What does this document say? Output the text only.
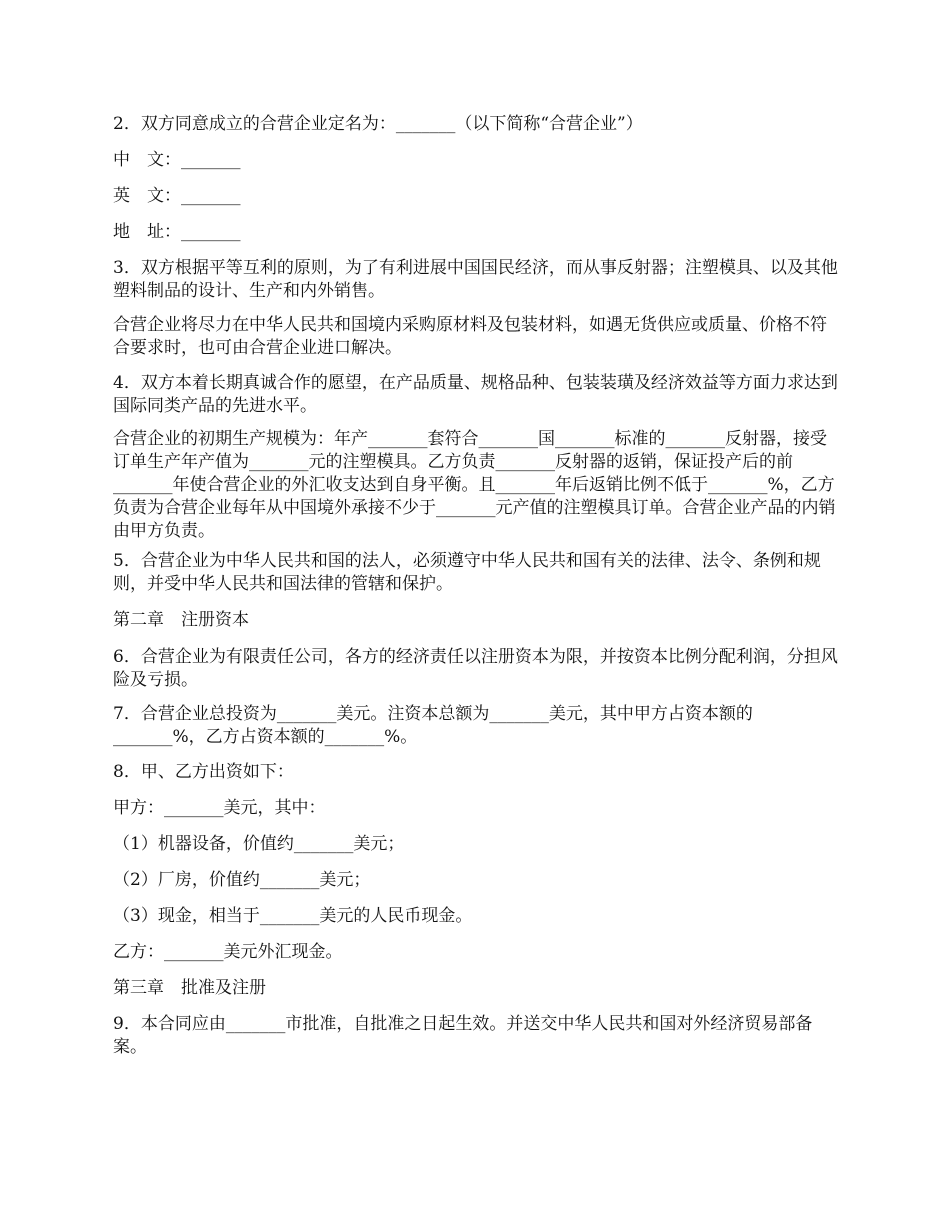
2．双方同意成立的合营企业定名为：_______（以下简称“合营企业”）

中　文：_______

英　文：_______

地　址：_______

3．双方根据平等互利的原则，为了有利进展中国国民经济，而从事反射器；注塑模具、以及其他塑料制品的设计、生产和内外销售。

合营企业将尽力在中华人民共和国境内采购原材料及包装材料，如遇无货供应或质量、价格不符合要求时，也可由合营企业进口解决。

4．双方本着长期真诚合作的愿望，在产品质量、规格品种、包装装璜及经济效益等方面力求达到国际同类产品的先进水平。

合营企业的初期生产规模为：年产_______套符合_______国_______标准的_______反射器，接受订单生产年产值为_______元的注塑模具。乙方负责_______反射器的返销，保证投产后的前_______年使合营企业的外汇收支达到自身平衡。且_______年后返销比例不低于_______%，乙方负责为合营企业每年从中国境外承接不少于_______元产值的注塑模具订单。合营企业产品的内销由甲方负责。

5．合营企业为中华人民共和国的法人，必须遵守中华人民共和国有关的法律、法令、条例和规则，并受中华人民共和国法律的管辖和保护。

第二章　注册资本

6．合营企业为有限责任公司，各方的经济责任以注册资本为限，并按资本比例分配利润，分担风险及亏损。

7．合营企业总投资为_______美元。注资本总额为_______美元，其中甲方占资本额的_______%，乙方占资本额的_______%。

8．甲、乙方出资如下：

甲方：_______美元，其中：

（1）机器设备，价值约_______美元；

（2）厂房，价值约_______美元；

（3）现金，相当于_______美元的人民币现金。

乙方：_______美元外汇现金。

第三章　批准及注册

9．本合同应由_______市批准，自批准之日起生效。并送交中华人民共和国对外经济贸易部备案。
